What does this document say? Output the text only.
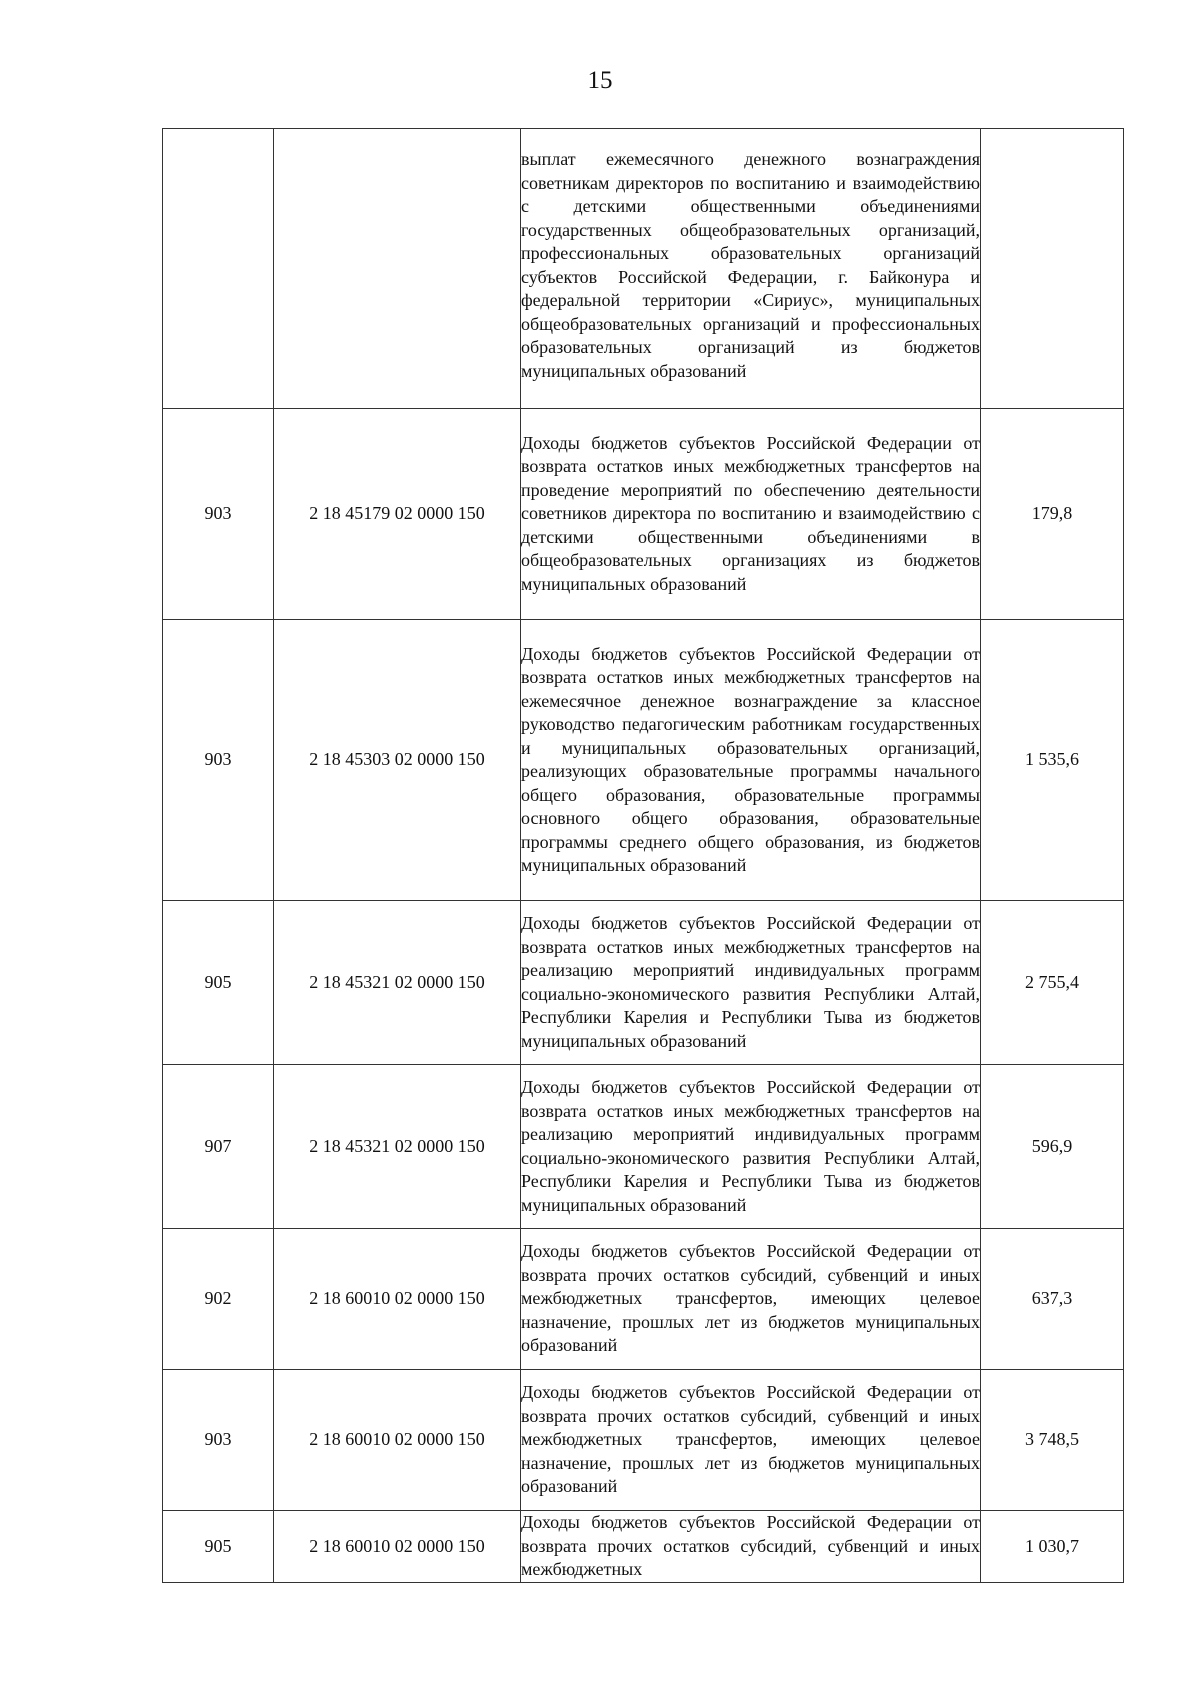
15

		выплат ежемесячного денежного вознаграждения советникам директоров по воспитанию и взаимодействию с детскими общественными объединениями государственных общеобразовательных организаций, профессиональных образовательных организаций субъектов Российской Федерации, г. Байконура и федеральной территории «Сириус», муниципальных общеобразовательных организаций и профессиональных образовательных организаций из бюджетов муниципальных образований	

903	2 18 45179 02 0000 150	Доходы бюджетов субъектов Российской Федерации от возврата остатков иных межбюджетных трансфертов на проведение мероприятий по обеспечению деятельности советников директора по воспитанию и взаимодействию с детскими общественными объединениями в общеобразовательных организациях из бюджетов муниципальных образований	179,8
903	2 18 45303 02 0000 150	Доходы бюджетов субъектов Российской Федерации от возврата остатков иных межбюджетных трансфертов на ежемесячное денежное вознаграждение за классное руководство педагогическим работникам государственных и муниципальных образовательных организаций, реализующих образовательные программы начального общего образования, образовательные программы основного общего образования, образовательные программы среднего общего образования, из бюджетов муниципальных образований	1 535,6
905	2 18 45321 02 0000 150	Доходы бюджетов субъектов Российской Федерации от возврата остатков иных межбюджетных трансфертов на реализацию мероприятий индивидуальных программ социально-экономического развития Республики Алтай, Республики Карелия и Республики Тыва из бюджетов муниципальных образований	2 755,4
907	2 18 45321 02 0000 150	Доходы бюджетов субъектов Российской Федерации от возврата остатков иных межбюджетных трансфертов на реализацию мероприятий индивидуальных программ социально-экономического развития Республики Алтай, Республики Карелия и Республики Тыва из бюджетов муниципальных образований	596,9
902	2 18 60010 02 0000 150	Доходы бюджетов субъектов Российской Федерации от возврата прочих остатков субсидий, субвенций и иных межбюджетных трансфертов, имеющих целевое назначение, прошлых лет из бюджетов муниципальных образований	637,3
903	2 18 60010 02 0000 150	Доходы бюджетов субъектов Российской Федерации от возврата прочих остатков субсидий, субвенций и иных межбюджетных трансфертов, имеющих целевое назначение, прошлых лет из бюджетов муниципальных образований	3 748,5
905	2 18 60010 02 0000 150	Доходы бюджетов субъектов Российской Федерации от возврата прочих остатков субсидий, субвенций и иных межбюджетных	1 030,7
